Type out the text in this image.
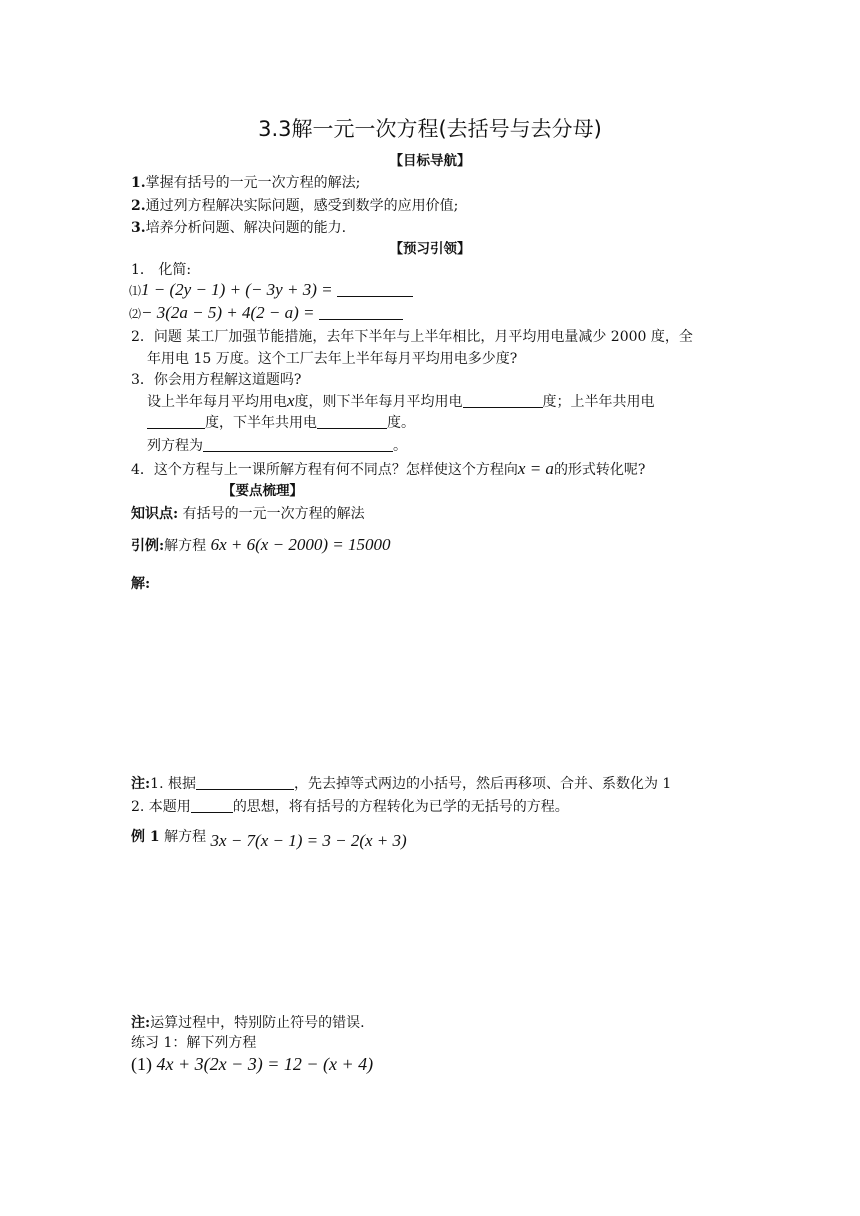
3.3解一元一次方程(去括号与去分母)
【目标导航】
1.掌握有括号的一元一次方程的解法;
2.通过列方程解决实际问题，感受到数学的应用价值;
3.培养分析问题、解决问题的能力.
【预习引领】
1． 化简:
⑴1 − (2y − 1) + (− 3y + 3) =
⑵− 3(2a − 5) + 4(2 − a) =
2．问题 某工厂加强节能措施，去年下半年与上半年相比，月平均用电量减少 2000 度，全
年用电 15 万度。这个工厂去年上半年每月平均用电多少度?
3．你会用方程解这道题吗?
设上半年每月平均用电x度，则下半年每月平均用电	度；上半年共用电
度，下半年共用电	度。
列方程为	。
4．这个方程与上一课所解方程有何不同点？怎样使这个方程向x = a的形式转化呢?
【要点梳理】
知识点: 有括号的一元一次方程的解法
引例:解方程 6x + 6(x − 2000) = 15000
解:
注:1. 根据	，先去掉等式两边的小括号，然后再移项、合并、系数化为 1
2. 本题用	的思想，将有括号的方程转化为已学的无括号的方程。
例 1 解方程 3x − 7(x − 1) = 3 − 2(x + 3)
注:运算过程中，特别防止符号的错误.
练习 1：解下列方程
(1) 4x + 3(2x − 3) = 12 − (x + 4)
